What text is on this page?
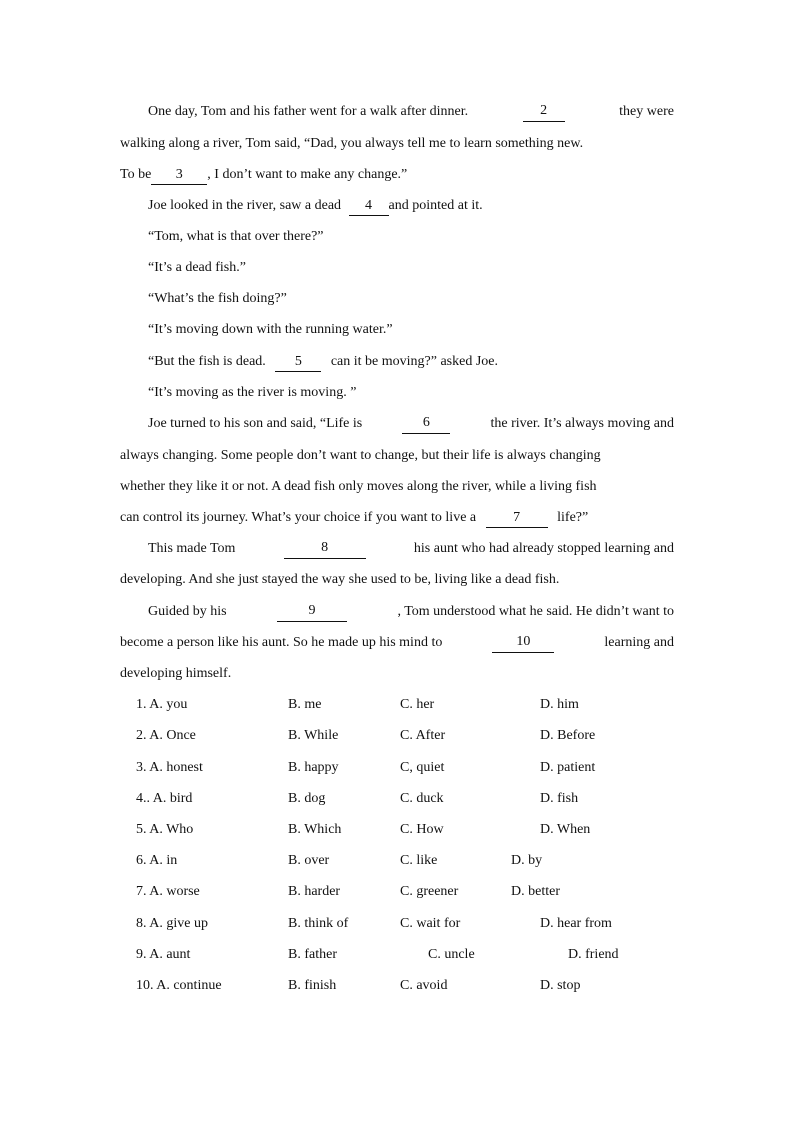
One day, Tom and his father went for a walk after dinner.	2	they were
walking along a river, Tom said, “Dad, you always tell me to learn something new.
To be 3 , I don’t want to make any change.”
Joe looked in the river, saw a dead 4 and pointed at it.
“Tom, what is that over there?”
“It’s a dead fish.”
“What’s the fish doing?”
“It’s moving down with the running water.”
“But the fish is dead. 5 can it be moving?” asked Joe.
“It’s moving as the river is moving. ”
Joe turned to his son and said, “Life is	6	the river. It’s always moving and
always changing. Some people don’t want to change, but their life is always changing
whether they like it or not. A dead fish only moves along the river, while a living fish
can control its journey. What’s your choice if you want to live a	7	life?”
This made Tom	8	his aunt who had already stopped learning and
developing. And she just stayed the way she used to be, living like a dead fish.
Guided by his	9	, Tom understood what he said. He didn’t want to
become a person like his aunt. So he made up his mind to	10	learning and
developing himself.
1. A. you	B. me	C. her	D. him
2. A. Once	B. While	C. After	D. Before
3. A. honest	B. happy	C, quiet	D. patient
4.. A. bird	B. dog	C. duck	D. fish
5. A. Who	B. Which	C. How	D. When
6. A. in	B. over	C. like	D. by
7. A. worse	B. harder	C. greener	D. better
8. A. give up	B. think of	C. wait for	D. hear from
9. A. aunt	B. father	C. uncle	D. friend
10. A. continue	B. finish	C. avoid	D. stop
